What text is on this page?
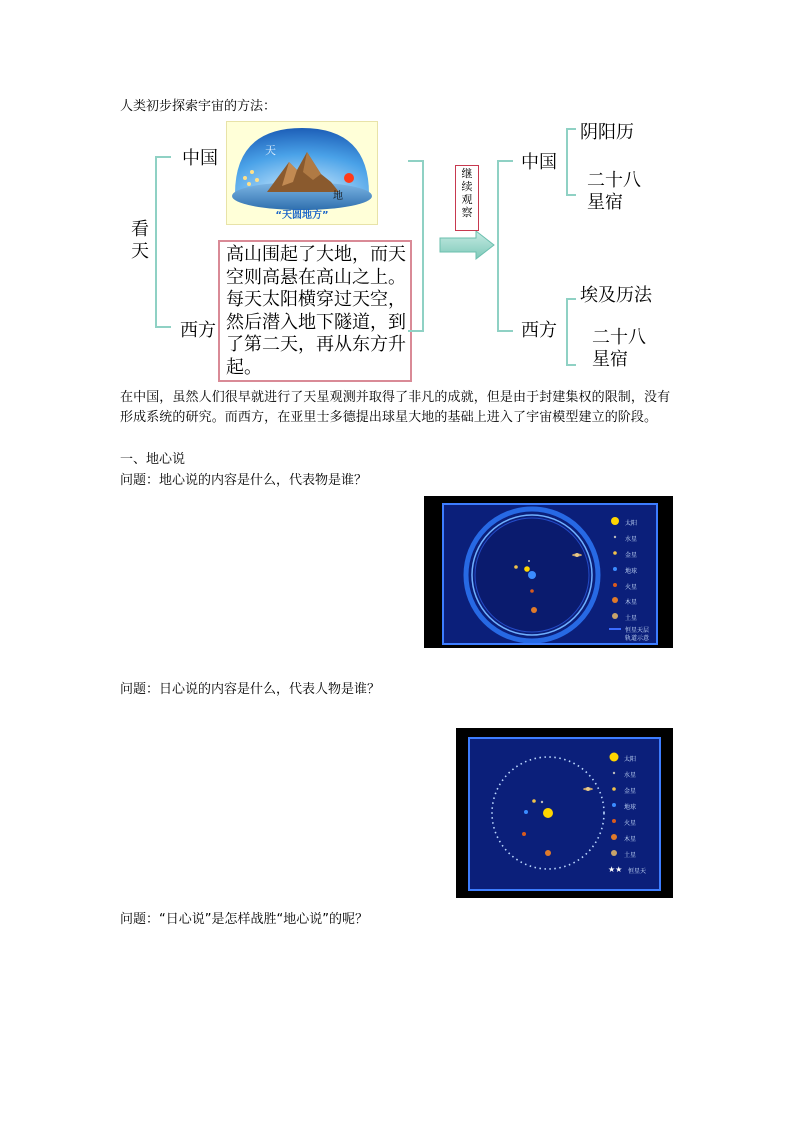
人类初步探索宇宙的方法：
看天
中国
西方
天
地
“天圆地方”
高山围起了大地，而天空则高悬在高山之上。每天太阳横穿过天空，然后潜入地下隧道，到了第二天，再从东方升起。
继续观察
中国
西方
阴阳历
二十八星宿
埃及历法
二十八星宿
在中国，虽然人们很早就进行了天星观测并取得了非凡的成就，但是由于封建集权的限制，没有形成系统的研究。而西方，在亚里士多德提出球星大地的基础上进入了宇宙模型建立的阶段。
一、地心说
问题：地心说的内容是什么，代表物是谁？
太阳
水星
金星
地球
火星
木星
土星
恒星天层
轨道示意
问题：日心说的内容是什么，代表人物是谁？
★★
太阳
水星
金星
地球
火星
木星
土星
恒星天
问题：“日心说”是怎样战胜“地心说”的呢？
